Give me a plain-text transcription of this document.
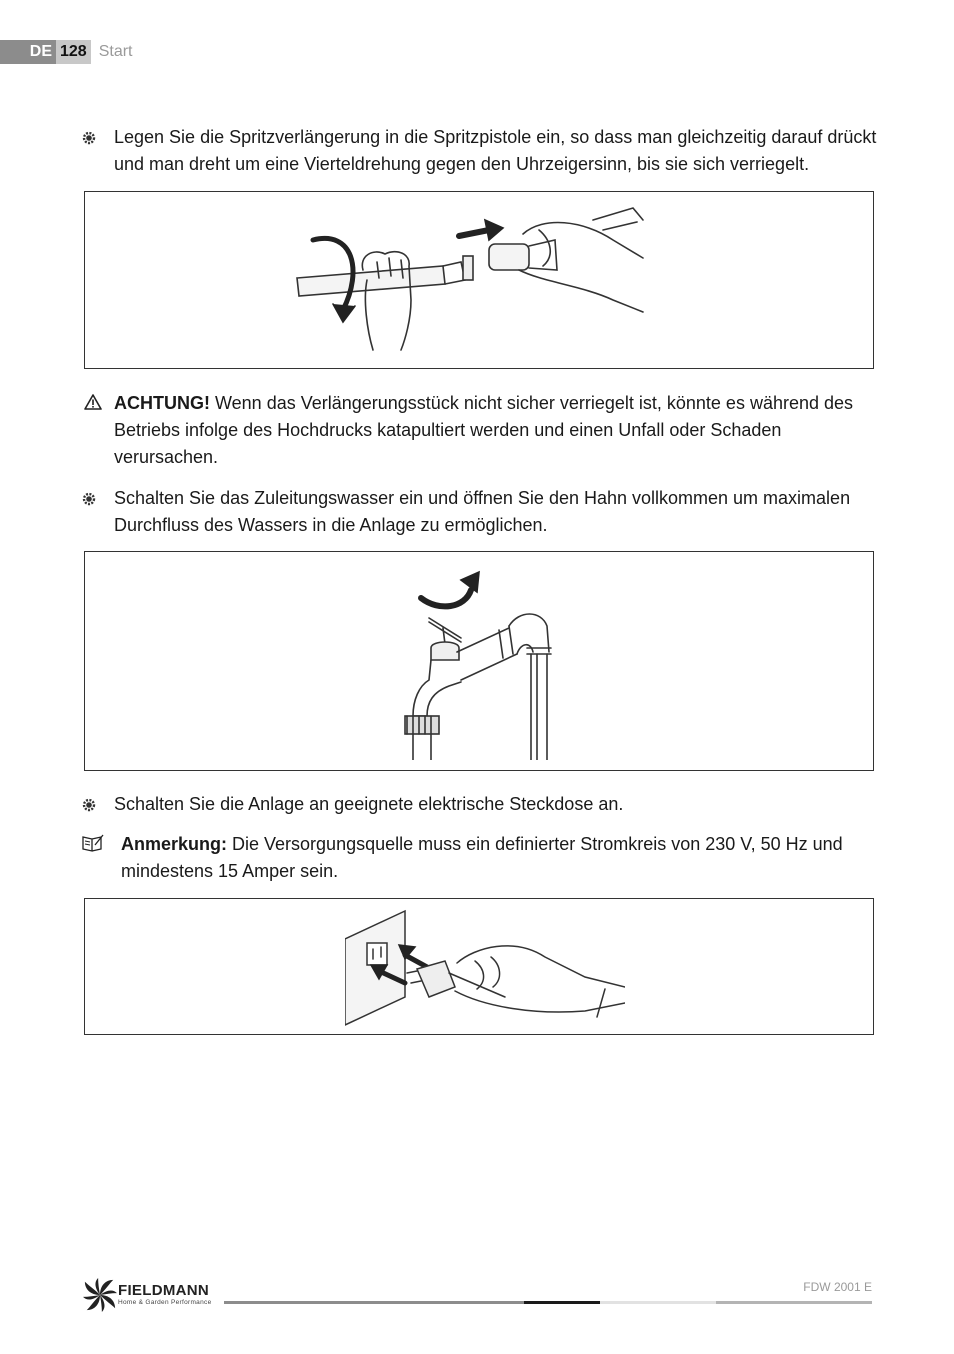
DE 128 Start
Legen Sie die Spritzverlängerung in die Spritzpistole ein, so dass man gleichzeitig darauf drückt und man dreht um eine Vierteldrehung gegen den Uhrzeigersinn, bis sie sich verriegelt.
ACHTUNG! Wenn das Verlängerungsstück nicht sicher verriegelt ist, könnte es während des Betriebs infolge des Hochdrucks katapultiert werden und einen Unfall oder Schaden verursachen.
Schalten Sie das Zuleitungswasser ein und öffnen Sie den Hahn vollkommen um maximalen Durchfluss des Wassers in die Anlage zu ermöglichen.
Schalten Sie die Anlage an geeignete elektrische Steckdose an.
Anmerkung: Die Versorgungsquelle muss ein definierter Stromkreis von 230 V, 50 Hz und mindestens 15 Amper sein.
FIELDMANN
Home & Garden Performance
FDW 2001 E
